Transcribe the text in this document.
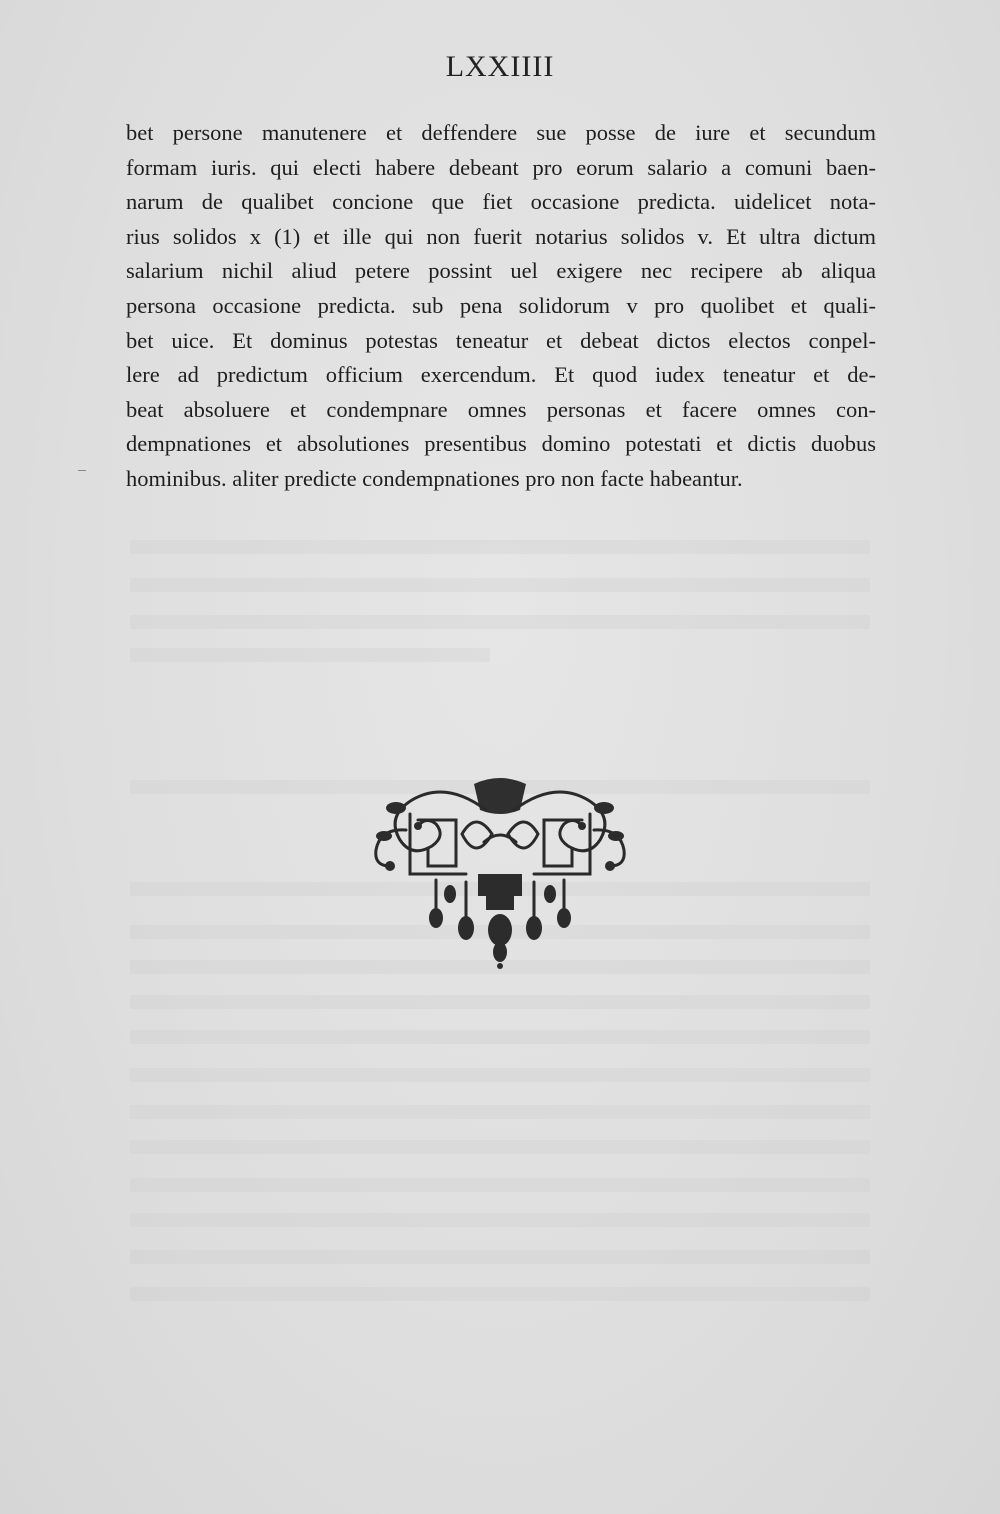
LXXIIII
bet persone manutenere et deffendere sue posse de iure et secundum
formam iuris. qui electi habere debeant pro eorum salario a comuni baen-
narum de qualibet concione que fiet occasione predicta. uidelicet nota-
rius solidos x (1) et ille qui non fuerit notarius solidos v. Et ultra dictum
salarium nichil aliud petere possint uel exigere nec recipere ab aliqua
persona occasione predicta. sub pena solidorum v pro quolibet et quali-
bet uice. Et dominus potestas teneatur et debeat dictos electos conpel-
lere ad predictum officium exercendum. Et quod iudex teneatur et de-
beat absoluere et condempnare omnes personas et facere omnes con-
dempnationes et absolutiones presentibus domino potestati et dictis duobus
hominibus. aliter predicte condempnationes pro non facte habeantur.
